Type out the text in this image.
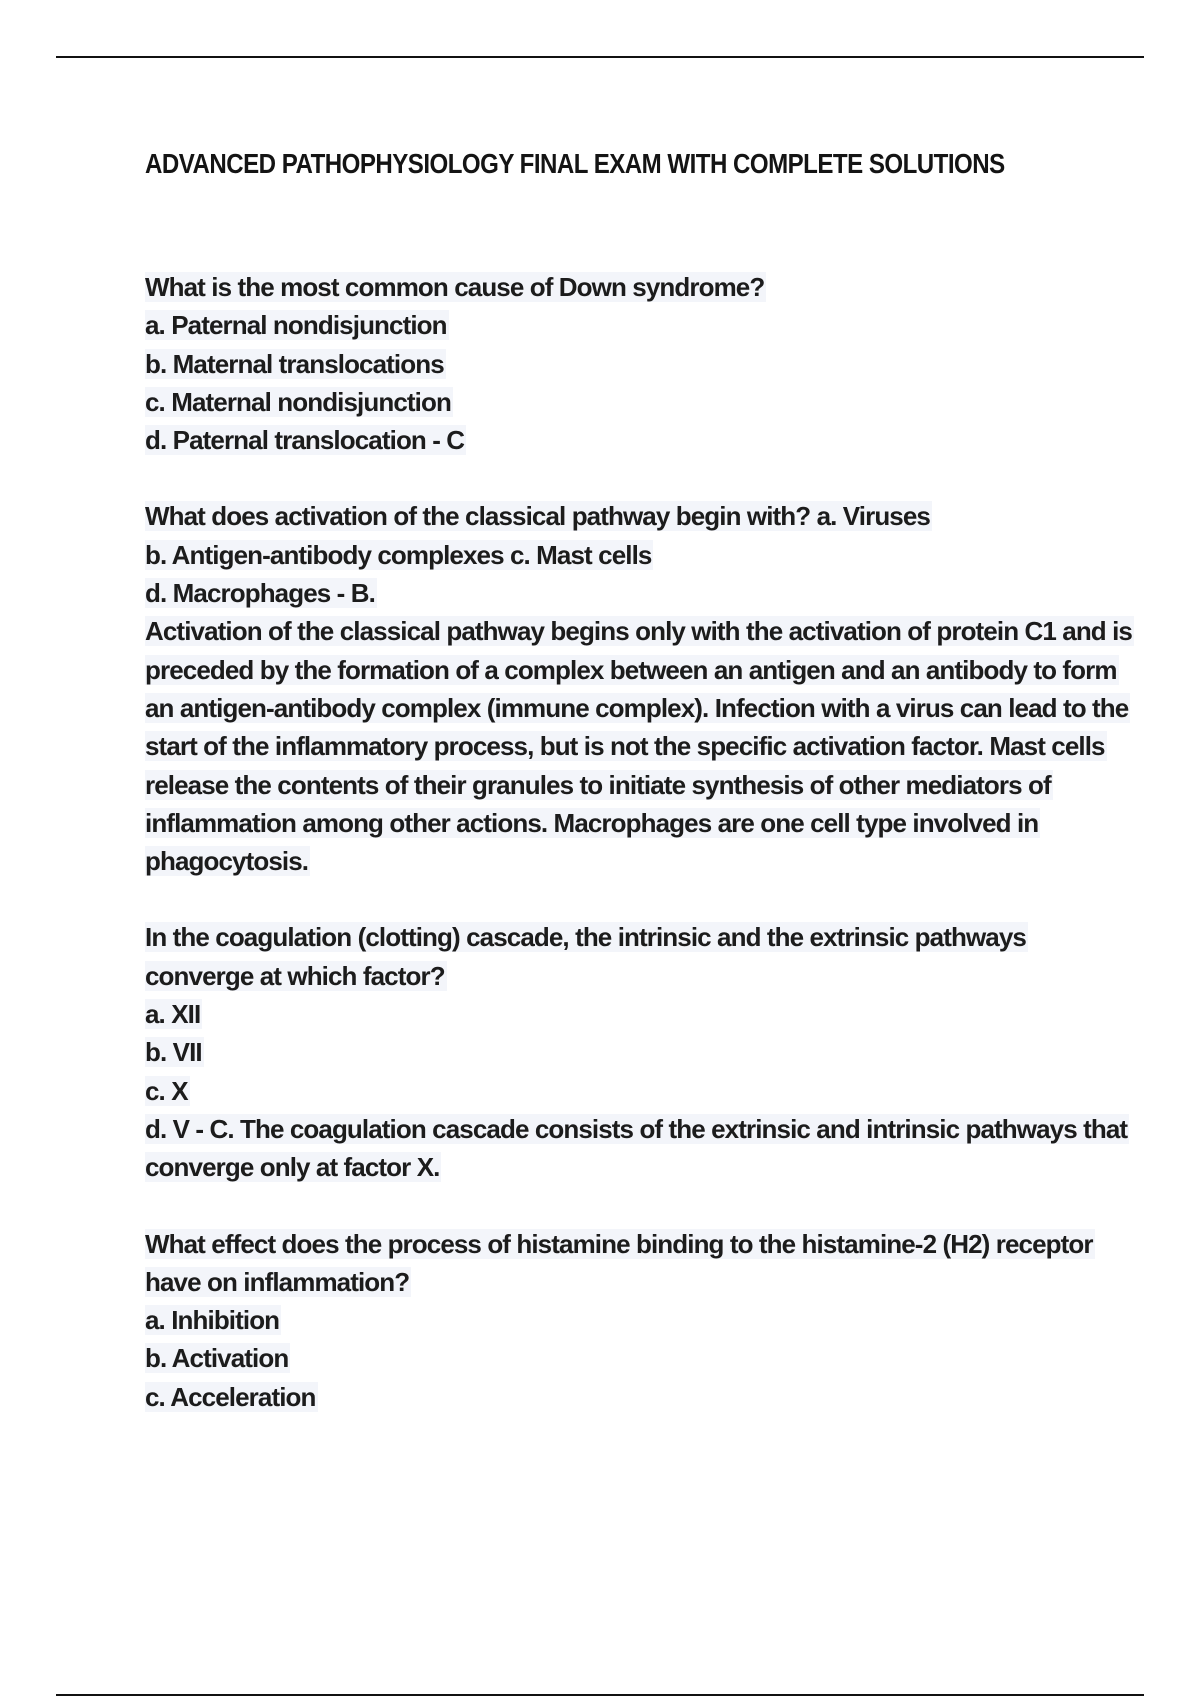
ADVANCED PATHOPHYSIOLOGY FINAL EXAM WITH COMPLETE SOLUTIONS
What is the most common cause of Down syndrome?
a. Paternal nondisjunction
b. Maternal translocations
c. Maternal nondisjunction
d. Paternal translocation - C
What does activation of the classical pathway begin with? a. Viruses
b. Antigen-antibody complexes c. Mast cells
d. Macrophages - B.
Activation of the classical pathway begins only with the activation of protein C1 and is
preceded by the formation of a complex between an antigen and an antibody to form
an antigen-antibody complex (immune complex). Infection with a virus can lead to the
start of the inflammatory process, but is not the specific activation factor. Mast cells
release the contents of their granules to initiate synthesis of other mediators of
inflammation among other actions. Macrophages are one cell type involved in
phagocytosis.
In the coagulation (clotting) cascade, the intrinsic and the extrinsic pathways
converge at which factor?
a. XII
b. VII
c. X
d. V - C. The coagulation cascade consists of the extrinsic and intrinsic pathways that
converge only at factor X.
What effect does the process of histamine binding to the histamine-2 (H2) receptor
have on inflammation?
a. Inhibition
b. Activation
c. Acceleration
